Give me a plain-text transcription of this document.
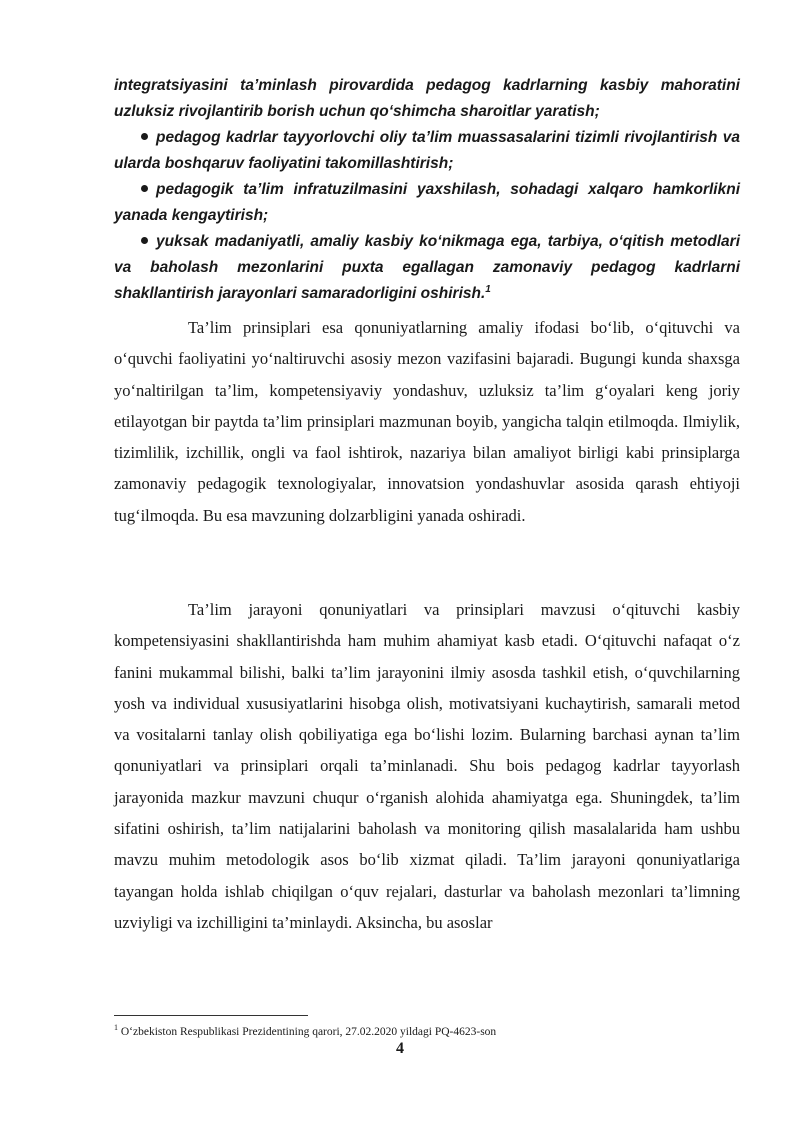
integratsiyasini ta’minlash pirovardida pedagog kadrlarning kasbiy mahoratini uzluksiz rivojlantirib borish uchun qo‘shimcha sharoitlar yaratish;

pedagog kadrlar tayyorlovchi oliy ta’lim muassasalarini tizimli rivojlantirish va ularda boshqaruv faoliyatini takomillashtirish;
pedagogik ta’lim infratuzilmasini yaxshilash, sohadagi xalqaro hamkorlikni yanada kengaytirish;
yuksak madaniyatli, amaliy kasbiy ko‘nikmaga ega, tarbiya, o‘qitish metodlari va baholash mezonlarini puxta egallagan zamonaviy pedagog kadrlarni shakllantirish jarayonlari samaradorligini oshirish.$^1$

Ta’lim prinsiplari esa qonuniyatlarning amaliy ifodasi bo‘lib, o‘qituvchi va o‘quvchi faoliyatini yo‘naltiruvchi asosiy mezon vazifasini bajaradi. Bugungi kunda shaxsga yo‘naltirilgan ta’lim, kompetensiyaviy yondashuv, uzluksiz ta’lim g‘oyalari keng joriy etilayotgan bir paytda ta’lim prinsiplari mazmunan boyib, yangicha talqin etilmoqda. Ilmiylik, tizimlilik, izchillik, ongli va faol ishtirok, nazariya bilan amaliyot birligi kabi prinsiplarga zamonaviy pedagogik texnologiyalar, innovatsion yondashuvlar asosida qarash ehtiyoji tug‘ilmoqda. Bu esa mavzuning dolzarbligini yanada oshiradi.

Ta’lim jarayoni qonuniyatlari va prinsiplari mavzusi o‘qituvchi kasbiy kompetensiyasini shakllantirishda ham muhim ahamiyat kasb etadi. O‘qituvchi nafaqat o‘z fanini mukammal bilishi, balki ta’lim jarayonini ilmiy asosda tashkil etish, o‘quvchilarning yosh va individual xususiyatlarini hisobga olish, motivatsiyani kuchaytirish, samarali metod va vositalarni tanlay olish qobiliyatiga ega bo‘lishi lozim. Bularning barchasi aynan ta’lim qonuniyatlari va prinsiplari orqali ta’minlanadi. Shu bois pedagog kadrlar tayyorlash jarayonida mazkur mavzuni chuqur o‘rganish alohida ahamiyatga ega. Shuningdek, ta’lim sifatini oshirish, ta’lim natijalarini baholash va monitoring qilish masalalarida ham ushbu mavzu muhim metodologik asos bo‘lib xizmat qiladi. Ta’lim jarayoni qonuniyatlariga tayangan holda ishlab chiqilgan o‘quv rejalari, dasturlar va baholash mezonlari ta’limning uzviyligi va izchilligini ta’minlaydi. Aksincha, bu asoslar

$^1$ O‘zbekiston Respublikasi Prezidentining qarori, 27.02.2020 yildagi PQ-4623-son

4
